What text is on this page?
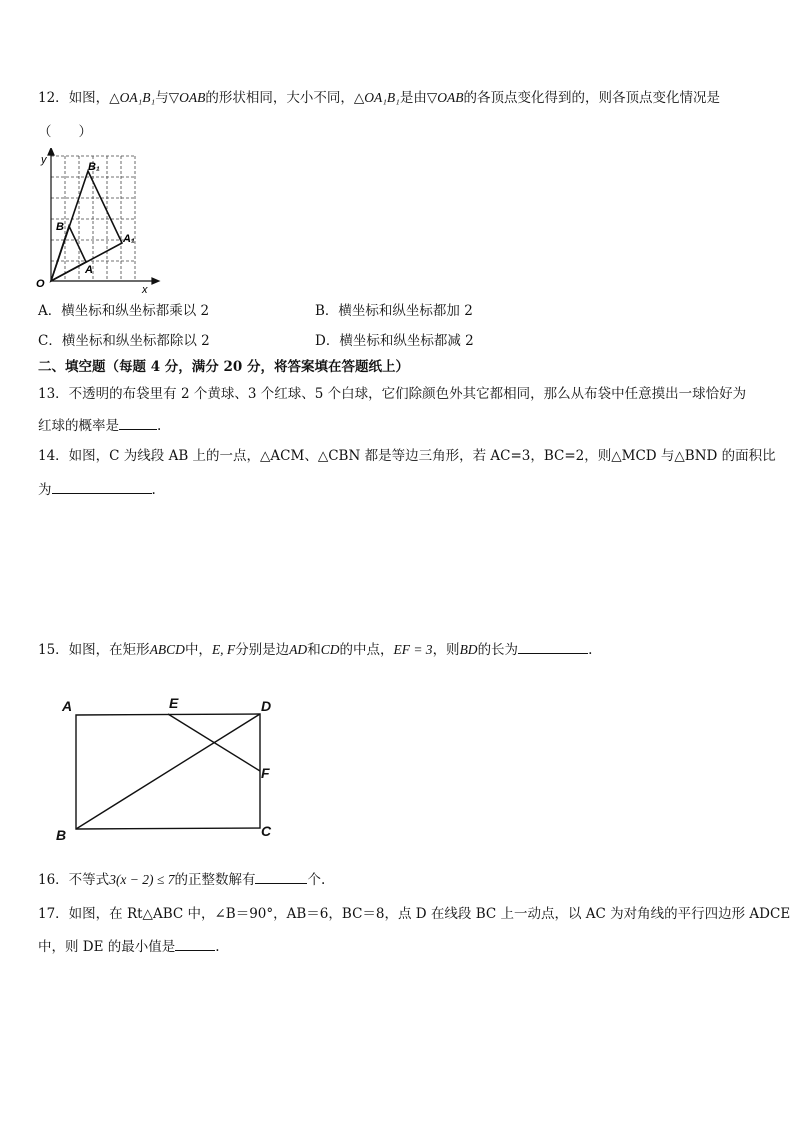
12．如图，△OA₁B₁与▽OAB的形状相同，大小不同，△OA₁B₁是由▽OAB的各顶点变化得到的，则各顶点变化情况是
（　　）
y
x
O
B₁
B
A₁
A
A．横坐标和纵坐标都乘以 2	B．横坐标和纵坐标都加 2
C．横坐标和纵坐标都除以 2	D．横坐标和纵坐标都减 2
二、填空题（每题 4 分，满分 20 分，将答案填在答题纸上）
13．不透明的布袋里有 2 个黄球、3 个红球、5 个白球，它们除颜色外其它都相同，那么从布袋中任意摸出一球恰好为
红球的概率是	.
14．如图，C 为线段 AB 上的一点，△ACM、△CBN 都是等边三角形，若 AC=3，BC=2，则△MCD 与△BND 的面积比
为	.
15．如图，在矩形ABCD中，E, F分别是边AD和CD的中点，EF = 3，则BD的长为	.
A	E	D
F
B	C
16．不等式3(x − 2) ≤ 7的正整数解有	个.
17．如图，在 Rt△ABC 中，∠B＝90°，AB＝6，BC＝8，点 D 在线段 BC 上一动点，以 AC 为对角线的平行四边形 ADCE
中，则 DE 的最小值是	.
